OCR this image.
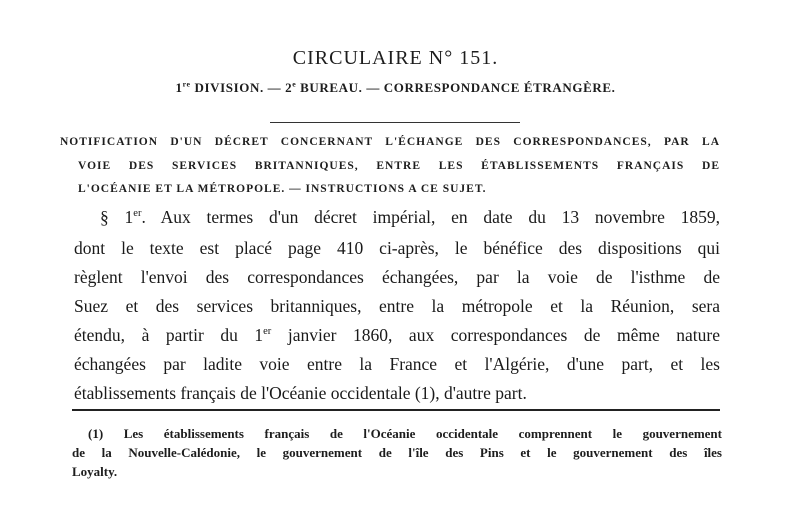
CIRCULAIRE N° 151.
1re DIVISION. — 2e BUREAU. — CORRESPONDANCE ÉTRANGÈRE.
NOTIFICATION D'UN DÉCRET CONCERNANT L'ÉCHANGE DES CORRESPONDANCES, PAR LA
VOIE DES SERVICES BRITANNIQUES, ENTRE LES ÉTABLISSEMENTS FRANÇAIS DE
L'OCÉANIE ET LA MÉTROPOLE. — INSTRUCTIONS A CE SUJET.
§ 1er. Aux termes d'un décret impérial, en date du 13 novembre 1859,
dont le texte est placé page 410 ci-après, le bénéfice des dispositions qui
règlent l'envoi des correspondances échangées, par la voie de l'isthme de
Suez et des services britanniques, entre la métropole et la Réunion, sera
étendu, à partir du 1er janvier 1860, aux correspondances de même nature
échangées par ladite voie entre la France et l'Algérie, d'une part, et les
établissements français de l'Océanie occidentale (1), d'autre part.
(1) Les établissements français de l'Océanie occidentale comprennent le gouvernement
de la Nouvelle-Calédonie, le gouvernement de l'île des Pins et le gouvernement des îles
Loyalty.
